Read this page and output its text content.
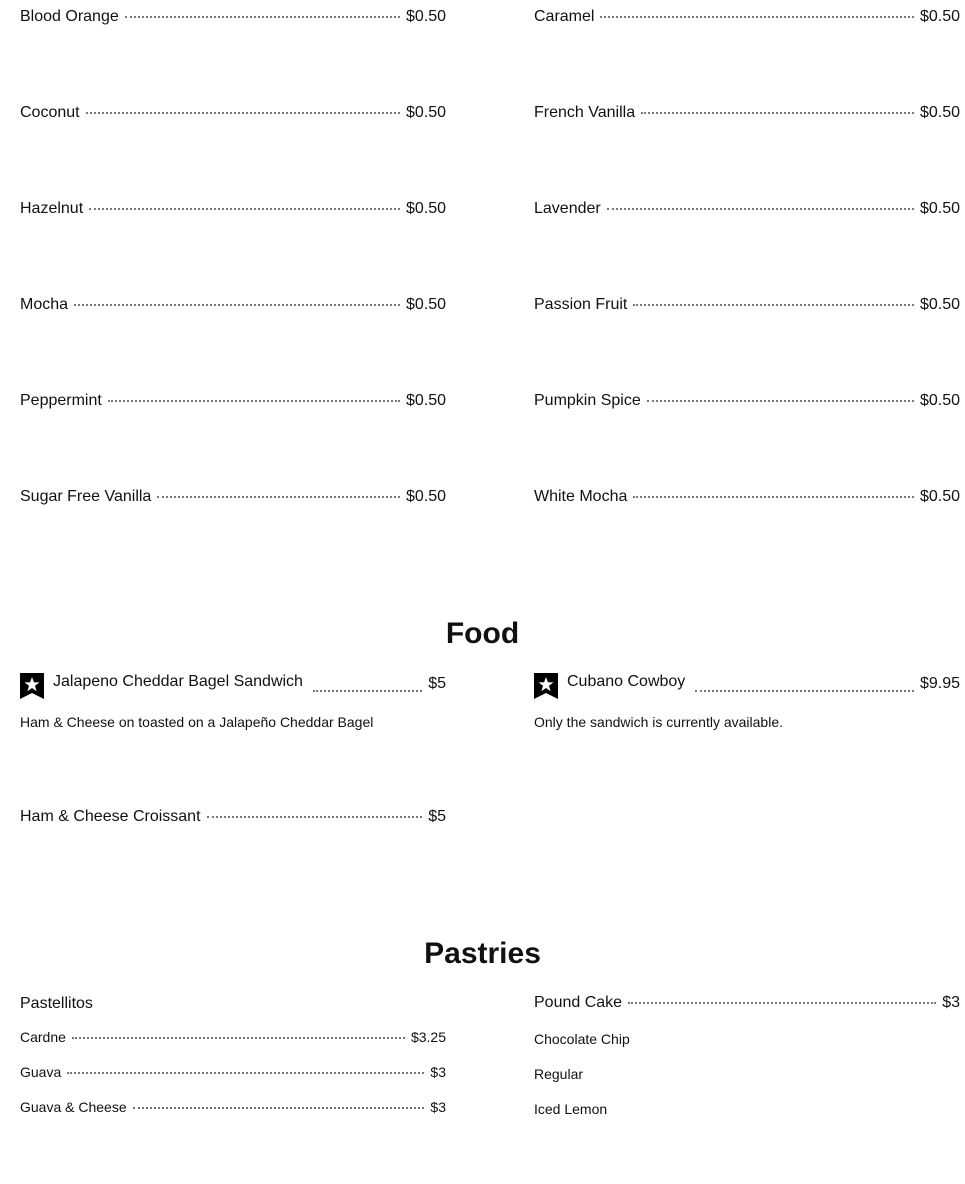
Blood Orange	$0.50
Coconut	$0.50
Hazelnut	$0.50
Mocha	$0.50
Peppermint	$0.50
Sugar Free Vanilla	$0.50
Caramel	$0.50
French Vanilla	$0.50
Lavender	$0.50
Passion Fruit	$0.50
Pumpkin Spice	$0.50
White Mocha	$0.50
Food
Jalapeno Cheddar Bagel Sandwich	$5
Ham & Cheese on toasted on a Jalapeño Cheddar Bagel
Ham & Cheese Croissant	$5
Cubano Cowboy	$9.95
Only the sandwich is currently available.
Pastries
Pastellitos
Cardne	$3.25
Guava	$3
Guava & Cheese	$3
Pound Cake	$3
Chocolate Chip
Regular
Iced Lemon
